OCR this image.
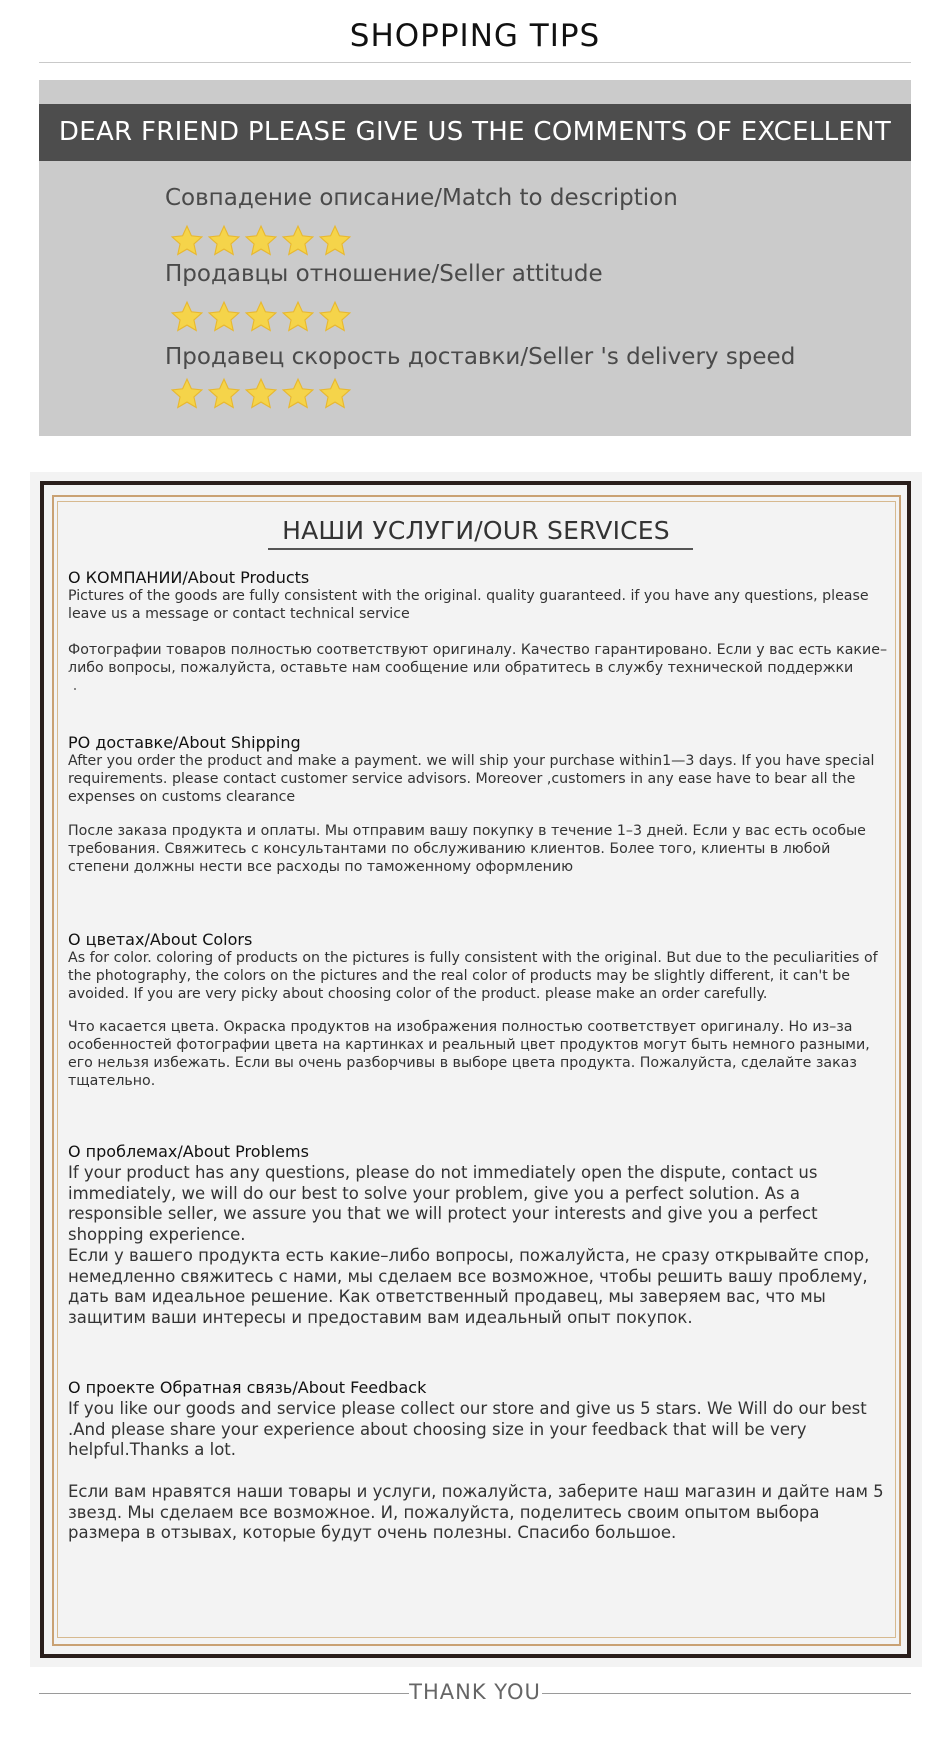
SHOPPING TIPS
DEAR FRIEND PLEASE GIVE US THE COMMENTS OF EXCELLENT
Совпадение описание/Match to description
Продавцы отношение/Seller attitude
Продавец скорость доставки/Seller 's delivery speed
НАШИ УСЛУГИ/OUR SERVICES
О КОМПАНИИ/About Products

Pictures of the goods are fully consistent with the original. quality guaranteed. if you have any questions, please leave us a message or contact technical service

Фотографии товаров полностью соответствуют оригиналу. Качество гарантировано. Если у вас есть какие–либо вопросы, пожалуйста, оставьте нам сообщение или обратитесь в службу технической поддержки

РО доставке/About Shipping

After you order the product and make a payment. we will ship your purchase within1—3 days. If you have special requirements. please contact customer service advisors. Moreover ,customers in any ease have to bear all the expenses on customs clearance

После заказа продукта и оплаты. Мы отправим вашу покупку в течение 1–3 дней. Если у вас есть особые требования. Свяжитесь с консультантами по обслуживанию клиентов. Более того, клиенты в любой степени должны нести все расходы по таможенному оформлению

О цветах/About Colors

As for color. coloring of products on the pictures is fully consistent with the original. But due to the peculiarities of the photography, the colors on the pictures and the real color of products may be slightly different, it can't be avoided. If you are very picky about choosing color of the product. please make an order carefully.

Что касается цвета. Окраска продуктов на изображения полностью соответствует оригиналу. Но из–за особенностей фотографии цвета на картинках и реальный цвет продуктов могут быть немного разными, его нельзя избежать. Если вы очень разборчивы в выборе цвета продукта. Пожалуйста, сделайте заказ тщательно.

О проблемах/About Problems

If your product has any questions, please do not immediately open the dispute, contact us immediately, we will do our best to solve your problem, give you a perfect solution. As a responsible seller, we assure you that we will protect your interests and give you a perfect shopping experience.

Если у вашего продукта есть какие–либо вопросы, пожалуйста, не сразу открывайте спор, немедленно свяжитесь с нами, мы сделаем все возможное, чтобы решить вашу проблему, дать вам идеальное решение. Как ответственный продавец, мы заверяем вас, что мы защитим ваши интересы и предоставим вам идеальный опыт покупок.

О проекте Обратная связь/About Feedback

If you like our goods and service please collect our store and give us 5 stars. We Will do our best .And please share your experience about choosing size in your feedback that will be very helpful.Thanks a lot.

Если вам нравятся наши товары и услуги, пожалуйста, заберите наш магазин и дайте нам 5 звезд. Мы сделаем все возможное. И, пожалуйста, поделитесь своим опытом выбора размера в отзывах, которые будут очень полезны. Спасибо большое.

THANK YOU
